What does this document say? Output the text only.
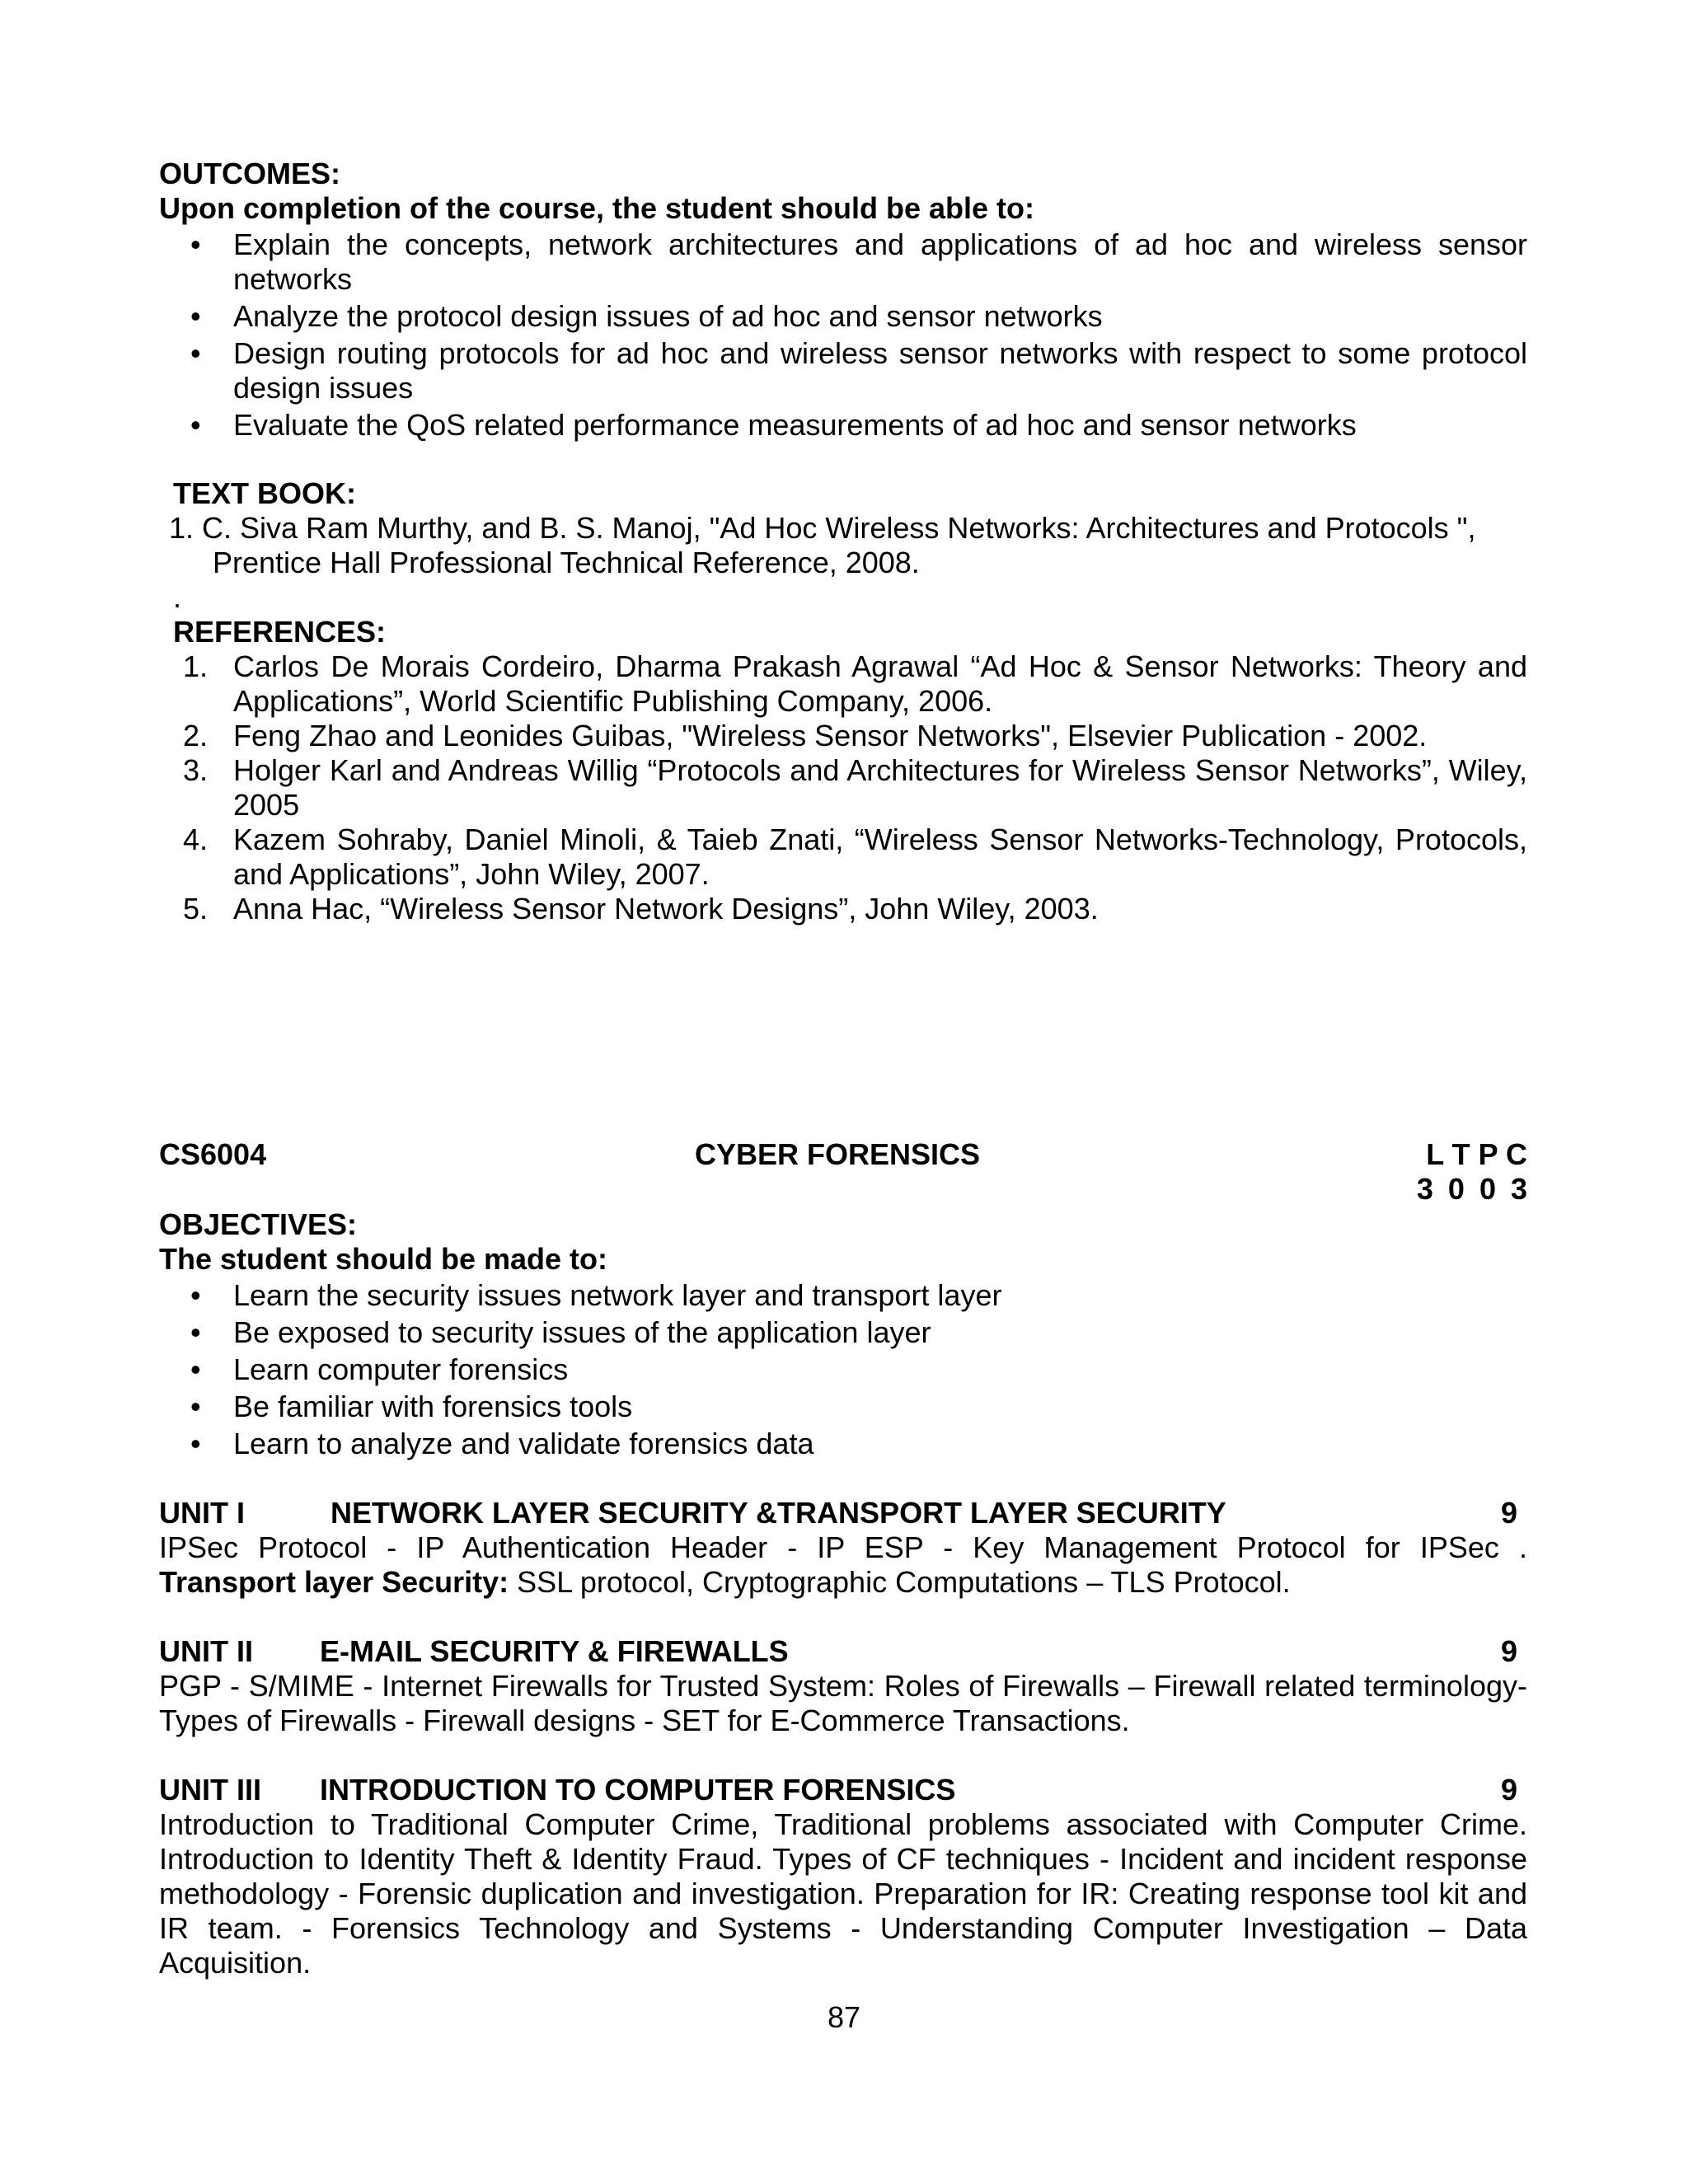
OUTCOMES:
Upon completion of the course, the student should be able to:
• Explain the concepts, network architectures and applications of ad hoc and wireless sensor networks
• Analyze the protocol design issues of ad hoc and sensor networks
• Design routing protocols for ad hoc and wireless sensor networks with respect to some protocol design issues
• Evaluate the QoS related performance measurements of ad hoc and sensor networks
TEXT BOOK:
1. C. Siva Ram Murthy, and B. S. Manoj, "Ad Hoc Wireless Networks: Architectures and Protocols ",
Prentice Hall Professional Technical Reference, 2008.
.
REFERENCES:
1. Carlos De Morais Cordeiro, Dharma Prakash Agrawal “Ad Hoc & Sensor Networks: Theory and Applications”, World Scientific Publishing Company, 2006.
2. Feng Zhao and Leonides Guibas, "Wireless Sensor Networks", Elsevier Publication - 2002.
3. Holger Karl and Andreas Willig “Protocols and Architectures for Wireless Sensor Networks”, Wiley, 2005
4. Kazem Sohraby, Daniel Minoli, & Taieb Znati, “Wireless Sensor Networks-Technology, Protocols, and Applications”, John Wiley, 2007.
5. Anna Hac, “Wireless Sensor Network Designs”, John Wiley, 2003.
CS6004	CYBER FORENSICS	L T P C
3 0 0 3
OBJECTIVES:
The student should be made to:
• Learn the security issues network layer and transport layer
• Be exposed to security issues of the application layer
• Learn computer forensics
• Be familiar with forensics tools
• Learn to analyze and validate forensics data
UNIT I	NETWORK LAYER SECURITY &TRANSPORT LAYER SECURITY	9
IPSec Protocol - IP Authentication Header - IP ESP - Key Management Protocol for IPSec .
Transport layer Security: SSL protocol, Cryptographic Computations – TLS Protocol.
UNIT II E-MAIL SECURITY & FIREWALLS	9
PGP - S/MIME - Internet Firewalls for Trusted System: Roles of Firewalls – Firewall related terminology- Types of Firewalls - Firewall designs - SET for E-Commerce Transactions.
UNIT III INTRODUCTION TO COMPUTER FORENSICS	9
Introduction to Traditional Computer Crime, Traditional problems associated with Computer Crime. Introduction to Identity Theft & Identity Fraud. Types of CF techniques - Incident and incident response methodology - Forensic duplication and investigation. Preparation for IR: Creating response tool kit and IR team. - Forensics Technology and Systems - Understanding Computer Investigation – Data Acquisition.
87
